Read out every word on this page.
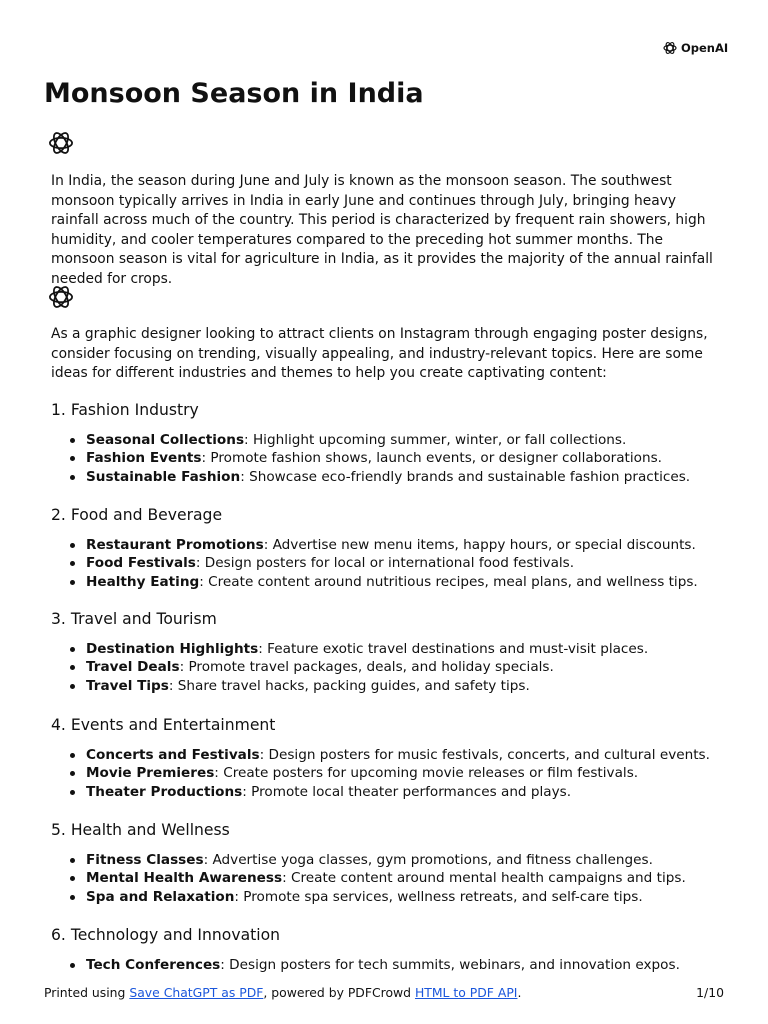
OpenAI
Monsoon Season in India

In India, the season during June and July is known as the monsoon season. The southwest monsoon typically arrives in India in early June and continues through July, bringing heavy rainfall across much of the country. This period is characterized by frequent rain showers, high humidity, and cooler temperatures compared to the preceding hot summer months. The monsoon season is vital for agriculture in India, as it provides the majority of the annual rainfall needed for crops.

As a graphic designer looking to attract clients on Instagram through engaging poster designs, consider focusing on trending, visually appealing, and industry-relevant topics. Here are some ideas for different industries and themes to help you create captivating content:

1. Fashion Industry
Seasonal Collections: Highlight upcoming summer, winter, or fall collections.
Fashion Events: Promote fashion shows, launch events, or designer collaborations.
Sustainable Fashion: Showcase eco-friendly brands and sustainable fashion practices.
2. Food and Beverage
Restaurant Promotions: Advertise new menu items, happy hours, or special discounts.
Food Festivals: Design posters for local or international food festivals.
Healthy Eating: Create content around nutritious recipes, meal plans, and wellness tips.
3. Travel and Tourism
Destination Highlights: Feature exotic travel destinations and must-visit places.
Travel Deals: Promote travel packages, deals, and holiday specials.
Travel Tips: Share travel hacks, packing guides, and safety tips.
4. Events and Entertainment
Concerts and Festivals: Design posters for music festivals, concerts, and cultural events.
Movie Premieres: Create posters for upcoming movie releases or film festivals.
Theater Productions: Promote local theater performances and plays.
5. Health and Wellness
Fitness Classes: Advertise yoga classes, gym promotions, and fitness challenges.
Mental Health Awareness: Create content around mental health campaigns and tips.
Spa and Relaxation: Promote spa services, wellness retreats, and self-care tips.
6. Technology and Innovation
Tech Conferences: Design posters for tech summits, webinars, and innovation expos.
Printed using Save ChatGPT as PDF, powered by PDFCrowd HTML to PDF API.	1/10
